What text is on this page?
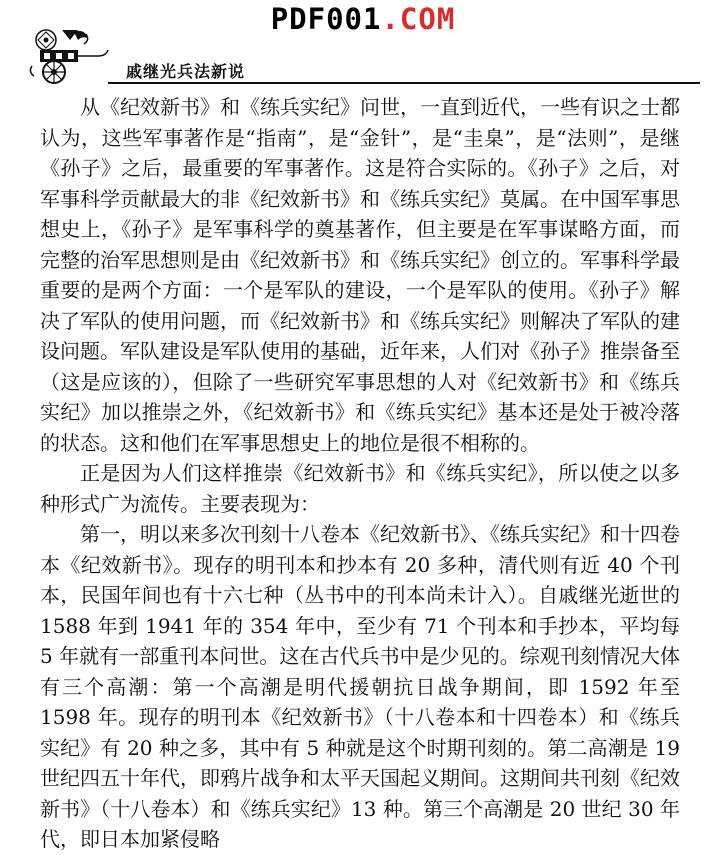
PDF001.COM
戚继光兵法新说

从《纪效新书》和《练兵实纪》问世，一直到近代，一些有识之士都认为，这些军事著作是“指南”，是“金针”，是“圭臬”，是“法则”，是继《孙子》之后，最重要的军事著作。这是符合实际的。《孙子》之后，对军事科学贡献最大的非《纪效新书》和《练兵实纪》莫属。在中国军事思想史上，《孙子》是军事科学的奠基著作，但主要是在军事谋略方面，而完整的治军思想则是由《纪效新书》和《练兵实纪》创立的。军事科学最重要的是两个方面：一个是军队的建设，一个是军队的使用。《孙子》解决了军队的使用问题，而《纪效新书》和《练兵实纪》则解决了军队的建设问题。军队建设是军队使用的基础，近年来，人们对《孙子》推崇备至（这是应该的），但除了一些研究军事思想的人对《纪效新书》和《练兵实纪》加以推崇之外，《纪效新书》和《练兵实纪》基本还是处于被冷落的状态。这和他们在军事思想史上的地位是很不相称的。

正是因为人们这样推崇《纪效新书》和《练兵实纪》，所以使之以多种形式广为流传。主要表现为：

第一，明以来多次刊刻十八卷本《纪效新书》、《练兵实纪》和十四卷本《纪效新书》。现存的明刊本和抄本有 20 多种，清代则有近 40 个刊本，民国年间也有十六七种（丛书中的刊本尚未计入）。自戚继光逝世的 1588 年到 1941 年的 354 年中，至少有 71 个刊本和手抄本，平均每 5 年就有一部重刊本问世。这在古代兵书中是少见的。综观刊刻情况大体有三个高潮：第一个高潮是明代援朝抗日战争期间，即 1592 年至 1598 年。现存的明刊本《纪效新书》（十八卷本和十四卷本）和《练兵实纪》有 20 种之多，其中有 5 种就是这个时期刊刻的。第二高潮是 19 世纪四五十年代，即鸦片战争和太平天国起义期间。这期间共刊刻《纪效新书》（十八卷本）和《练兵实纪》13 种。第三个高潮是 20 世纪 30 年代，即日本加紧侵略
